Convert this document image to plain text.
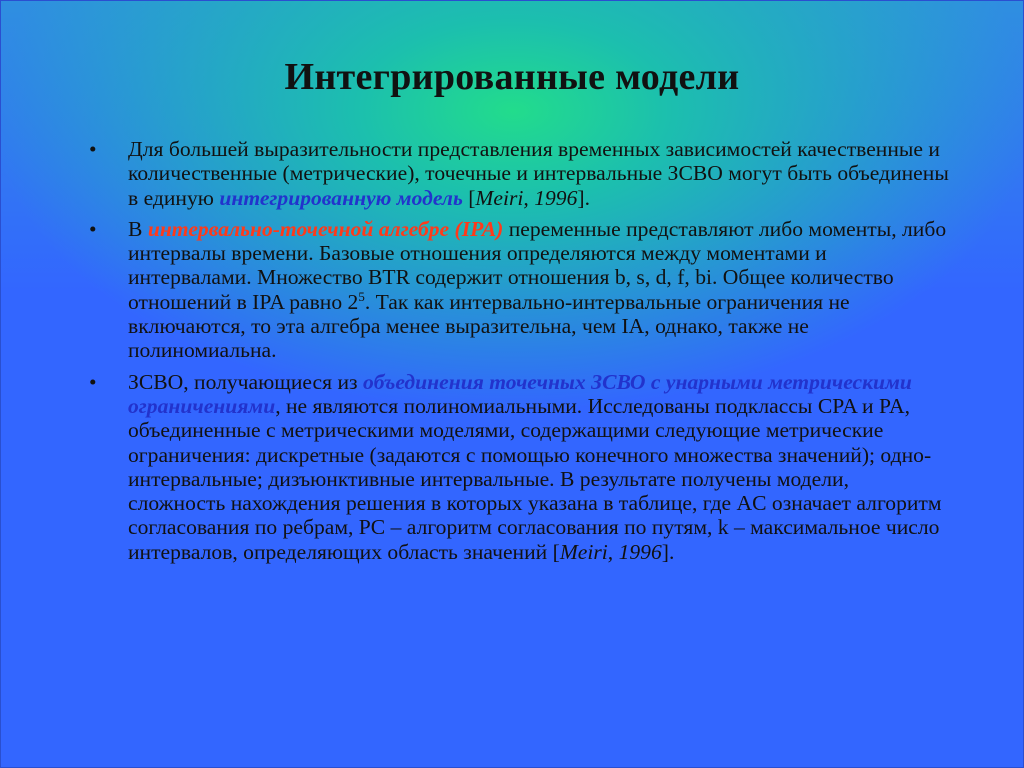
Интегрированные модели
• Для большей выразительности представления временных зависимостей качественные и количественные (метрические), точечные и интервальные ЗСВО могут быть объединены в единую интегрированную модель [Meiri, 1996].
• В интервально-точечной алгебре (IPA) переменные представляют либо моменты, либо интервалы времени. Базовые отношения определяются между моментами и интервалами. Множество BTR содержит отношения b, s, d, f, bi. Общее количество отношений в IPA равно $2^5$. Так как интервально-интервальные ограничения не включаются, то эта алгебра менее выразительна, чем IA, однако, также не полиномиальна.
• ЗСВО, получающиеся из объединения точечных ЗСВО с унарными метрическими ограничениями, не являются полиномиальными. Исследованы подклассы CPA и PA, объединенные с метрическими моделями, содержащими следующие метрические ограничения: дискретные (задаются с помощью конечного множества значений); одно-интервальные; дизъюнктивные интервальные. В результате получены модели, сложность нахождения решения в которых указана в таблице, где AC означает алгоритм согласования по ребрам, PC – алгоритм согласования по путям, k – максимальное число интервалов, определяющих область значений [Meiri, 1996].
